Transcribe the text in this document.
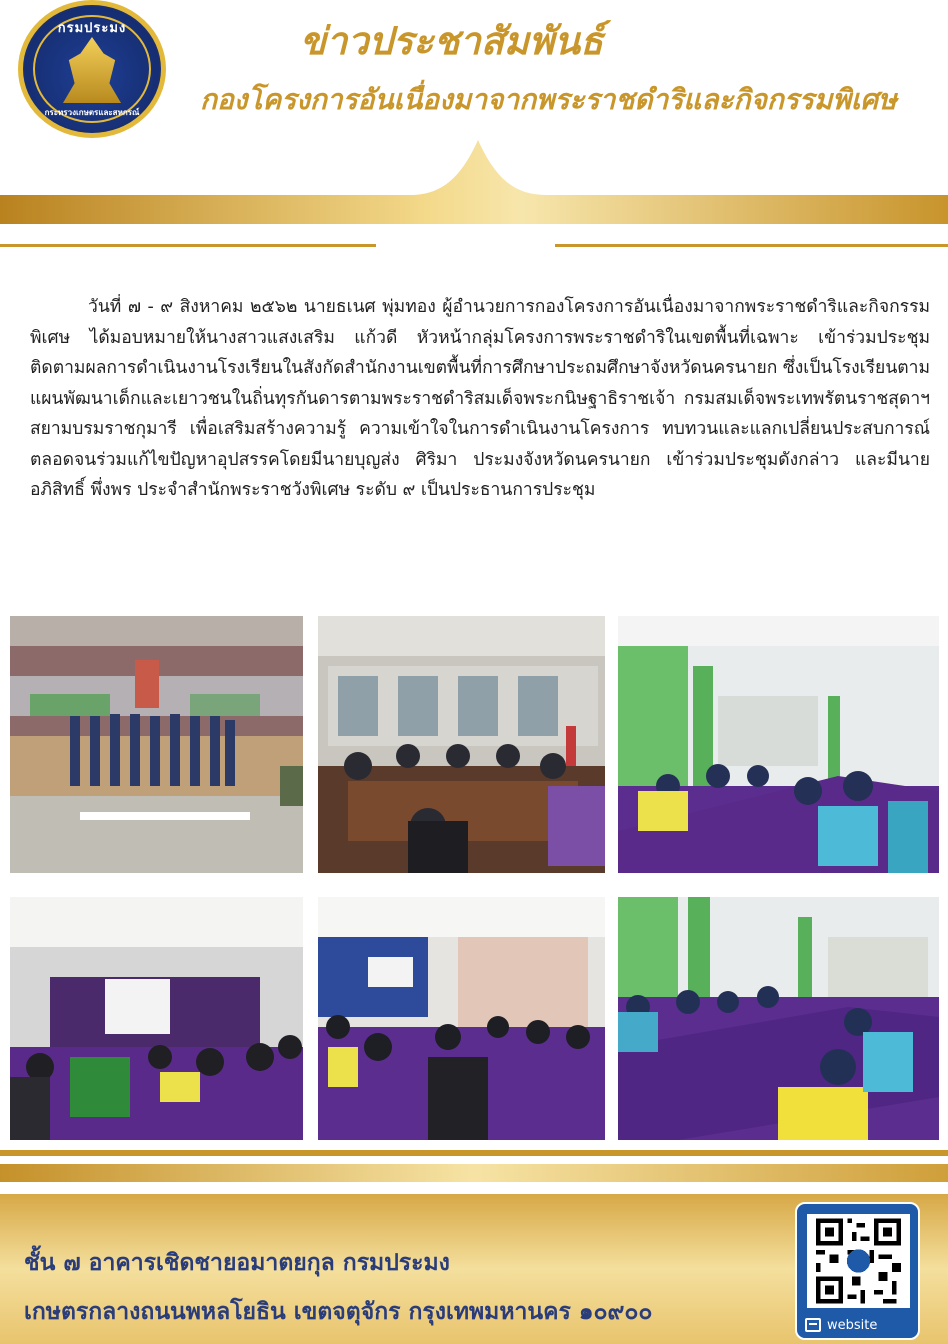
กรมประมง
กระทรวงเกษตรและสหกรณ์
ข่าวประชาสัมพันธ์
กองโครงการอันเนื่องมาจากพระราชดำริและกิจกรรมพิเศษ
วันที่ ๗ - ๙ สิงหาคม ๒๕๖๒ นายธเนศ พุ่มทอง ผู้อำนวยการกองโครงการอันเนื่องมาจากพระราชดำริและกิจกรรมพิเศษ ได้มอบหมายให้นางสาวแสงเสริม แก้วดี หัวหน้ากลุ่มโครงการพระราชดำริในเขตพื้นที่เฉพาะ เข้าร่วมประชุมติดตามผลการดำเนินงานโรงเรียนในสังกัดสำนักงานเขตพื้นที่การศึกษาประถมศึกษาจังหวัดนครนายก ซึ่งเป็นโรงเรียนตามแผนพัฒนาเด็กและเยาวชนในถิ่นทุรกันดารตามพระราชดำริสมเด็จพระกนิษฐาธิราชเจ้า กรมสมเด็จพระเทพรัตนราชสุดาฯ สยามบรมราชกุมารี เพื่อเสริมสร้างความรู้ ความเข้าใจในการดำเนินงานโครงการ ทบทวนและแลกเปลี่ยนประสบการณ์ ตลอดจนร่วมแก้ไขปัญหาอุปสรรคโดยมีนายบุญส่ง ศิริมา ประมงจังหวัดนครนายก เข้าร่วมประชุมดังกล่าว และมีนายอภิสิทธิ์ พึ่งพร ประจำสำนักพระราชวังพิเศษ ระดับ ๙ เป็นประธานการประชุม
ชั้น ๗ อาคารเชิดชายอมาตยกุล กรมประมง
เกษตรกลางถนนพหลโยธิน เขตจตุจักร กรุงเทพมหานคร ๑๐๙๐๐	website
